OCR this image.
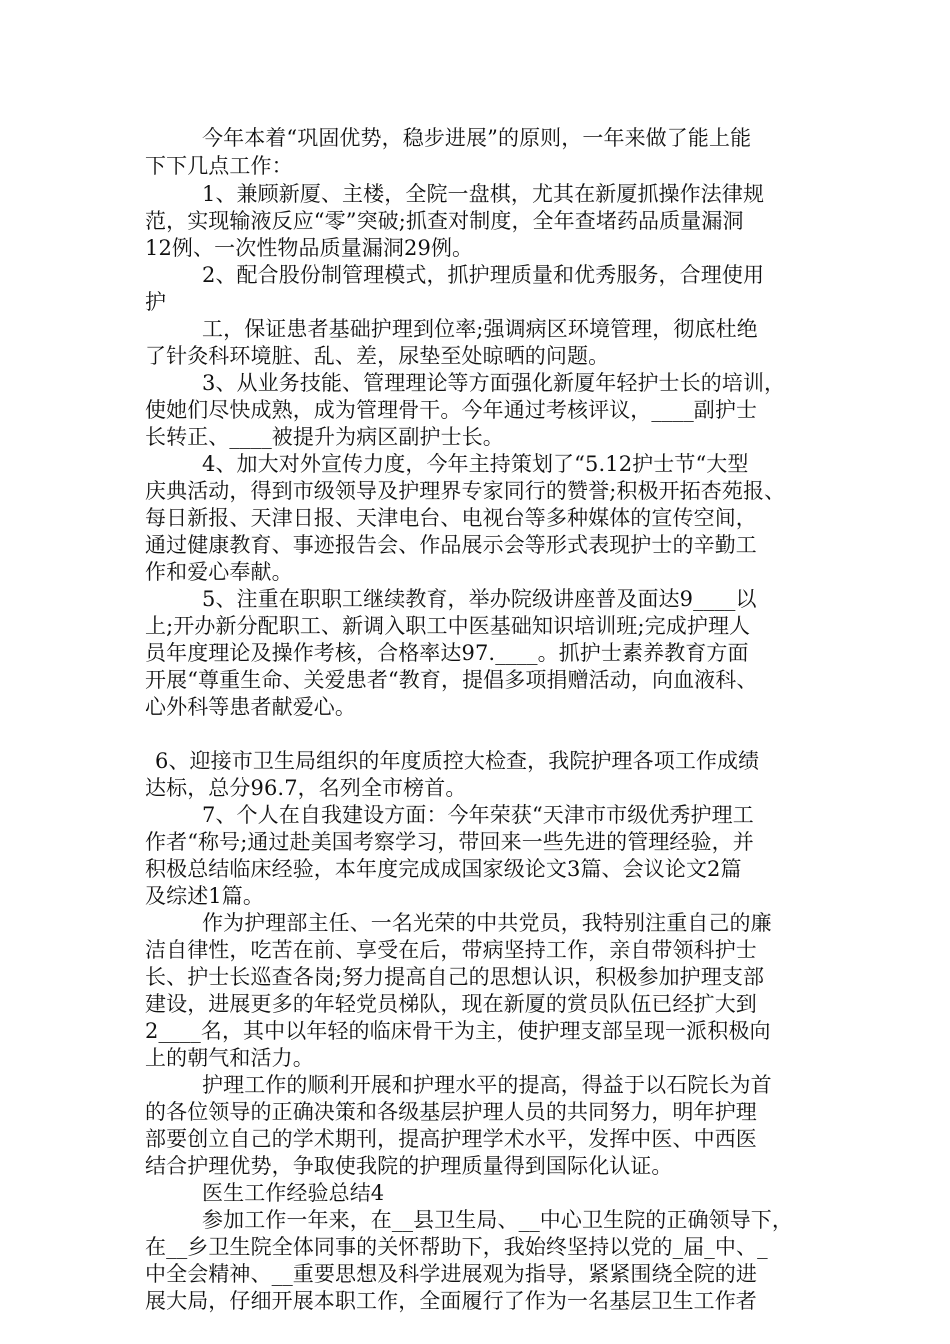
今年本着“巩固优势，稳步进展”的原则，一年来做了能上能

下下几点工作：

1、兼顾新厦、主楼，全院一盘棋，尤其在新厦抓操作法律规

范，实现输液反应“零”突破;抓查对制度，全年查堵药品质量漏洞

12例、一次性物品质量漏洞29例。

2、配合股份制管理模式，抓护理质量和优秀服务，合理使用

护

工，保证患者基础护理到位率;强调病区环境管理，彻底杜绝

了针灸科环境脏、乱、差，尿垫至处晾晒的问题。

3、从业务技能、管理理论等方面强化新厦年轻护士长的培训，

使她们尽快成熟，成为管理骨干。今年通过考核评议，____副护士

长转正、____被提升为病区副护士长。

4、加大对外宣传力度，今年主持策划了“5.12护士节“大型

庆典活动，得到市级领导及护理界专家同行的赞誉;积极开拓杏苑报、

每日新报、天津日报、天津电台、电视台等多种媒体的宣传空间，

通过健康教育、事迹报告会、作品展示会等形式表现护士的辛勤工

作和爱心奉献。

5、注重在职职工继续教育，举办院级讲座普及面达9____以

上;开办新分配职工、新调入职工中医基础知识培训班;完成护理人

员年度理论及操作考核，合格率达97.____。抓护士素养教育方面

开展“尊重生命、关爱患者“教育，提倡多项捐赠活动，向血液科、

心外科等患者献爱心。

6、迎接市卫生局组织的年度质控大检查，我院护理各项工作成绩

达标，总分96.7，名列全市榜首。

7、个人在自我建设方面：今年荣获“天津市市级优秀护理工

作者“称号;通过赴美国考察学习，带回来一些先进的管理经验，并

积极总结临床经验，本年度完成成国家级论文3篇、会议论文2篇

及综述1篇。

作为护理部主任、一名光荣的中共党员，我特别注重自己的廉

洁自律性，吃苦在前、享受在后，带病坚持工作，亲自带领科护士

长、护士长巡查各岗;努力提高自己的思想认识，积极参加护理支部

建设，进展更多的年轻党员梯队，现在新厦的赏员队伍已经扩大到

2____名，其中以年轻的临床骨干为主，使护理支部呈现一派积极向

上的朝气和活力。

护理工作的顺利开展和护理水平的提高，得益于以石院长为首

的各位领导的正确决策和各级基层护理人员的共同努力，明年护理

部要创立自己的学术期刊，提高护理学术水平，发挥中医、中西医

结合护理优势，争取使我院的护理质量得到国际化认证。

医生工作经验总结4

参加工作一年来，在__县卫生局、__中心卫生院的正确领导下，

在__乡卫生院全体同事的关怀帮助下，我始终坚持以党的_届_中、_

中全会精神、__重要思想及科学进展观为指导，紧紧围绕全院的进

展大局，仔细开展本职工作，全面履行了作为一名基层卫生工作者
